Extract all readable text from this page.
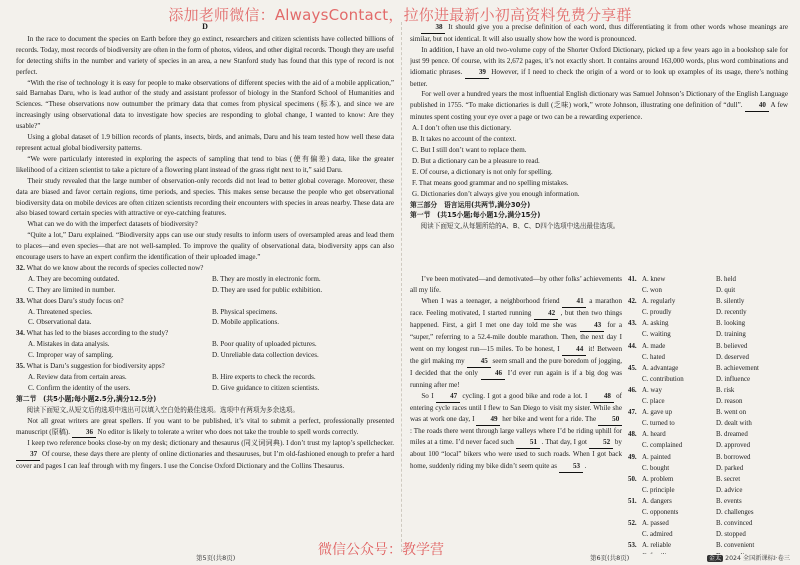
添加老师微信：AlwaysContact，拉你进最新小初高资料免费分享群
D

In the race to document the species on Earth before they go extinct, researchers and citizen scientists have collected billions of records. Today, most records of biodiversity are often in the form of photos, videos, and other digital records. Though they are useful for detecting shifts in the number and variety of species in an area, a new Stanford study has found that this type of record is not perfect.

“With the rise of technology it is easy for people to make observations of different species with the aid of a mobile application,” said Barnabas Daru, who is lead author of the study and assistant professor of biology in the Stanford School of Humanities and Sciences. “These observations now outnumber the primary data that comes from physical specimens (标本), and since we are increasingly using observational data to investigate how species are responding to global change, I wanted to know: Are they usable?”

Using a global dataset of 1.9 billion records of plants, insects, birds, and animals, Daru and his team tested how well these data represent actual global biodiversity patterns.

“We were particularly interested in exploring the aspects of sampling that tend to bias (使有偏差) data, like the greater likelihood of a citizen scientist to take a picture of a flowering plant instead of the grass right next to it,” said Daru.

Their study revealed that the large number of observation-only records did not lead to better global coverage. Moreover, these data are biased and favor certain regions, time periods, and species. This makes sense because the people who get observational biodiversity data on mobile devices are often citizen scientists recording their encounters with species in areas nearby. These data are also biased toward certain species with attractive or eye-catching features.

What can we do with the imperfect datasets of biodiversity?

“Quite a lot,” Daru explained. “Biodiversity apps can use our study results to inform users of oversampled areas and lead them to places—and even species—that are not well-sampled. To improve the quality of observational data, biodiversity apps can also encourage users to have an expert confirm the identification of their uploaded image.”

32. What do we know about the records of species collected now?
A. They are becoming outdated.	B. They are mostly in electronic form.
C. They are limited in number.	D. They are used for public exhibition.
33. What does Daru’s study focus on?
A. Threatened species.	B. Physical specimens.
C. Observational data.	D. Mobile applications.
34. What has led to the biases according to the study?
A. Mistakes in data analysis.	B. Poor quality of uploaded pictures.
C. Improper way of sampling.	D. Unreliable data collection devices.
35. What is Daru’s suggestion for biodiversity apps?
A. Review data from certain areas.	B. Hire experts to check the records.
C. Confirm the identity of the users.	D. Give guidance to citizen scientists.
第二节　(共5小题;每小题2.5分,满分12.5分)
阅读下面短文,从短文后的选项中选出可以填入空白处的最佳选项。选项中有两项为多余选项。

Not all great writers are great spellers. If you want to be published, it’s vital to submit a perfect, professionally presented manuscript (原稿). 36 No editor is likely to tolerate a writer who does not take the trouble to spell words correctly.

I keep two reference books close-by on my desk; dictionary and thesaurus (同义词词典). I don’t trust my laptop’s spellchecker. 37 Of course, these days there are plenty of online dictionaries and thesauruses, but I’m old-fashioned enough to prefer a hard cover and pages I can leaf through with my fingers. I use the Concise Oxford Dictionary and the Collins Thesaurus.

第5页(共8页)

38 It should give you a precise definition of each word, thus differentiating it from other words whose meanings are similar, but not identical. It will also usually show how the word is pronounced.

In addition, I have an old two-volume copy of the Shorter Oxford Dictionary, picked up a few years ago in a bookshop sale for just 99 pence. Of course, with its 2,672 pages, it’s not exactly short. It contains around 163,000 words, plus word combinations and idiomatic phrases. 39 However, if I need to check the origin of a word or to look up examples of its usage, there’s nothing better.

For well over a hundred years the most influential English dictionary was Samuel Johnson’s Dictionary of the English Language published in 1755. “To make dictionaries is dull (乏味) work,” wrote Johnson, illustrating one definition of “dull”. 40 A few minutes spent costing your eye over a page or two can be a rewarding experience.

A. I don’t often use this dictionary.
B. It takes no account of the context.
C. But I still don’t want to replace them.
D. But a dictionary can be a pleasure to read.
E. Of course, a dictionary is not only for spelling.
F. That means good grammar and no spelling mistakes.
G. Dictionaries don’t always give you enough information.
第三部分　语言运用(共两节,满分30分)
第一节　(共15小题;每小题1分,满分15分)
阅读下面短文,从每题所给的A、B、C、D四个选项中选出最佳选项。

I’ve been motivated—and demotivated—by other folks’ achievements all my life.

When I was a teenager, a neighborhood friend 41 a marathon race. Feeling motivated, I started running 42 , but then two things happened. First, a girl I met one day told me she was 43 for a “super,” referring to a 52.4-mile double marathon. Then, the next day I went on my longest run—15 miles. To be honest, I 44 it! Between the girl making my 45 seem small and the pure boredom of jogging, I decided that the only 46 I’d ever run again is if a big dog was running after me!

So I 47 cycling. I got a good bike and rode a lot. I 48 of entering cycle races until I flew to San Diego to visit my sister. While she was at work one day, I 49 her bike and went for a ride. The 50 : The roads there went through large valleys where I’d be riding uphill for miles at a time. I’d never faced such 51 . That day, I got 52 by about 100 “local” bikers who were used to such roads. When I got back home, suddenly riding my bike didn’t seem quite as 53 .

41. A. knew	B. held
C. won	D. quit
42. A. regularly	B. silently
C. proudly	D. recently
43. A. asking	B. looking
C. waiting	D. training
44. A. made	B. believed
C. hated	D. deserved
45. A. advantage	B. achievement
C. contribution	D. influence
46. A. way	B. risk
C. place	D. reason
47. A. gave up	B. went on
C. turned to	D. dealt with
48. A. heard	B. dreamed
C. complained	D. approved
49. A. painted	B. borrowed
C. bought	D. parked
50. A. problem	B. secret
C. principle	D. advice
51. A. dangers	B. events
C. opponents	D. challenges
52. A. passed	B. convinced
C. admired	D. stopped
53. A. reliable	B. convenient
第6页(共8页)	金太 2024 全国新课标Ⅰ·卷三
微信公众号：教学营
